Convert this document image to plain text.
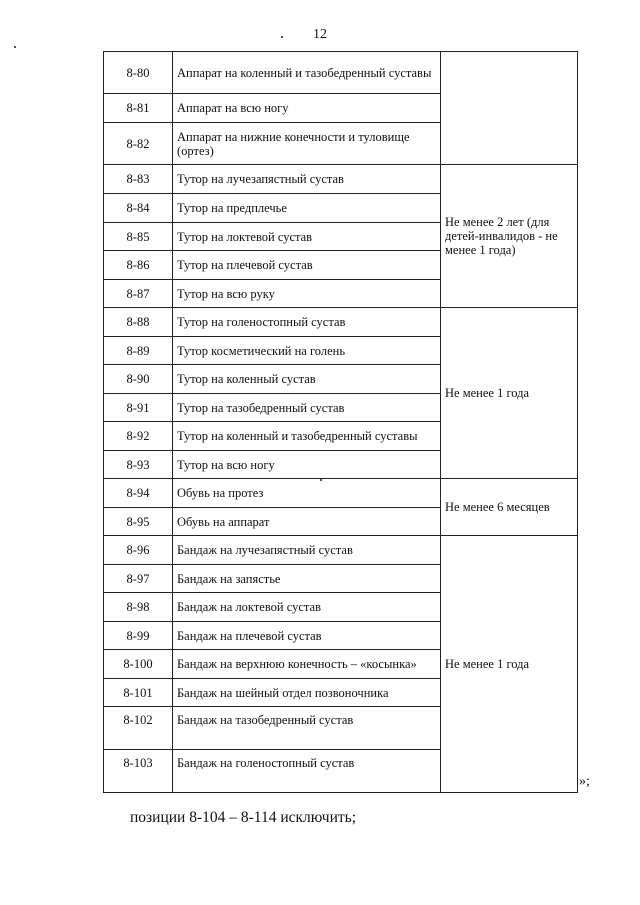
12
8-80	Аппарат на коленный и тазобедренный суставы	
8-81	Аппарат на всю ногу	
8-82	Аппарат на нижние конечности и туловище (ортез)	
8-83	Тутор на лучезапястный сустав	Не менее 2 лет (для детей-инвалидов - не менее 1 года)
8-84	Тутор на предплечье	
8-85	Тутор на локтевой сустав	
8-86	Тутор на плечевой сустав	
8-87	Тутор на всю руку	
8-88	Тутор на голеностопный сустав	Не менее 1 года
8-89	Тутор косметический на голень	
8-90	Тутор на коленный сустав	
8-91	Тутор на тазобедренный сустав	
8-92	Тутор на коленный и тазобедренный суставы	
8-93	Тутор на всю ногу	
8-94	Обувь на протез	Не менее 6 месяцев
8-95	Обувь на аппарат	
8-96	Бандаж на лучезапястный сустав	Не менее 1 года
8-97	Бандаж на запястье	
8-98	Бандаж на локтевой сустав	
8-99	Бандаж на плечевой сустав	
8-100	Бандаж на верхнюю конечность – «косынка»	
8-101	Бандаж на шейный отдел позвоночника	
8-102	Бандаж на тазобедренный сустав	
8-103	Бандаж на голеностопный сустав	
»;
позиции 8-104 – 8-114 исключить;
